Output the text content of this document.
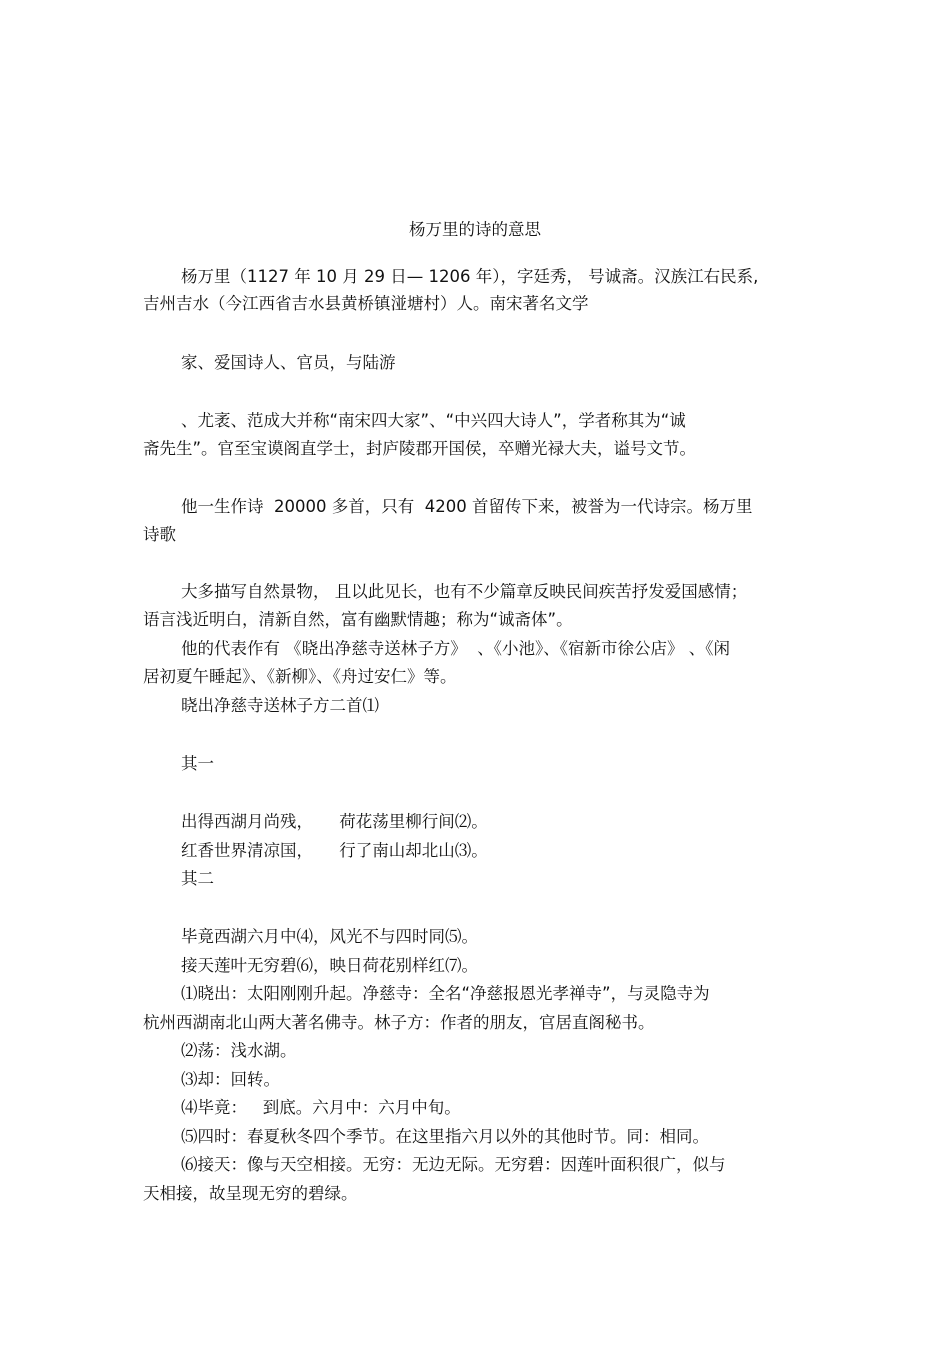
杨万里的诗的意思
杨万里（1127 年 10 月 29 日— 1206 年），字廷秀， 号诚斋。汉族江右民系,
吉州吉水（今江西省吉水县黄桥镇湴塘村）人。南宋著名文学
家、爱国诗人、官员，与陆游
、尤袤、范成大并称“南宋四大家”、“中兴四大诗人”，学者称其为“诚
斋先生”。官至宝谟阁直学士，封庐陵郡开国侯，卒赠光禄大夫，谥号文节。
他一生作诗  20000 多首，只有  4200 首留传下来，被誉为一代诗宗。杨万里
诗歌
大多描写自然景物， 且以此见长，也有不少篇章反映民间疾苦抒发爱国感情；
语言浅近明白，清新自然，富有幽默情趣；称为“诚斋体”。
他的代表作有 《晓出净慈寺送林子方》  、《小池》、《宿新市徐公店》 、《闲
居初夏午睡起》、《新柳》、《舟过安仁》等。
晓出净慈寺送林子方二首⑴
其一
出得西湖月尚残，     荷花荡里柳行间⑵。
红香世界清凉国，     行了南山却北山⑶。
其二
毕竟西湖六月中⑷，风光不与四时同⑸。
接天莲叶无穷碧⑹，映日荷花别样红⑺。
⑴晓出：太阳刚刚升起。净慈寺：全名“净慈报恩光孝禅寺”，与灵隐寺为
杭州西湖南北山两大著名佛寺。林子方：作者的朋友，官居直阁秘书。
⑵荡：浅水湖。
⑶却：回转。
⑷毕竟：   到底。六月中：六月中旬。
⑸四时：春夏秋冬四个季节。在这里指六月以外的其他时节。同：相同。
⑹接天：像与天空相接。无穷：无边无际。无穷碧：因莲叶面积很广，似与
天相接，故呈现无穷的碧绿。
